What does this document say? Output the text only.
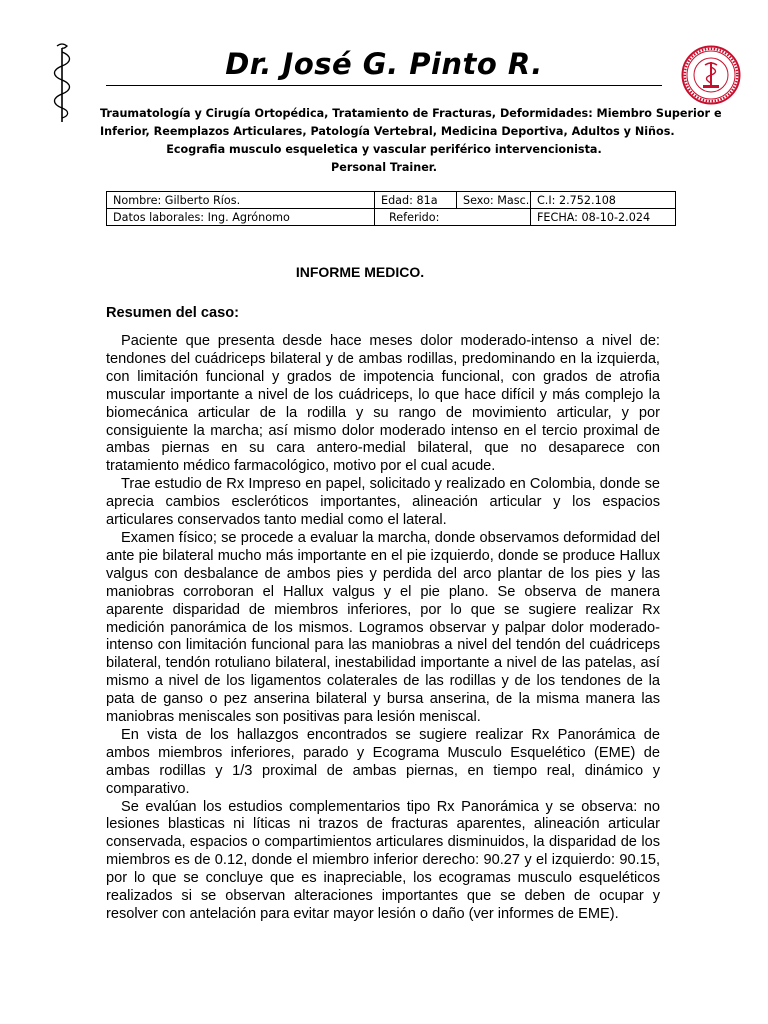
Dr. José G. Pinto R.
Traumatología y Cirugía Ortopédica, Tratamiento de Fracturas, Deformidades: Miembro Superior e
Inferior, Reemplazos Articulares, Patología Vertebral, Medicina Deportiva, Adultos y Niños.
Ecografia musculo esqueletica y vascular periférico intervencionista.
Personal Trainer.
Nombre: Gilberto Ríos.	Edad: 81a	Sexo: Masc.	C.I: 2.752.108
Datos laborales: Ing. Agrónomo	Referido:		FECHA: 08-10-2.024
INFORME MEDICO.
Resumen del caso:

Paciente que presenta desde hace meses dolor moderado-intenso a nivel de: tendones del cuádriceps bilateral y de ambas rodillas, predominando en la izquierda, con limitación funcional y grados de impotencia funcional, con grados de atrofia muscular importante a nivel de los cuádriceps, lo que hace difícil y más complejo la biomecánica articular de la rodilla y su rango de movimiento articular, y por consiguiente la marcha; así mismo dolor moderado intenso en el tercio proximal de ambas piernas en su cara antero-medial bilateral, que no desaparece con tratamiento médico farmacológico, motivo por el cual acude.

Trae estudio de Rx Impreso en papel, solicitado y realizado en Colombia, donde se aprecia cambios escleróticos importantes, alineación articular y los espacios articulares conservados tanto medial como el lateral.

Examen físico; se procede a evaluar la marcha, donde observamos deformidad del ante pie bilateral mucho más importante en el pie izquierdo, donde se produce Hallux valgus con desbalance de ambos pies y perdida del arco plantar de los pies y las maniobras corroboran el Hallux valgus y el pie plano. Se observa de manera aparente disparidad de miembros inferiores, por lo que se sugiere realizar Rx medición panorámica de los mismos. Logramos observar y palpar dolor moderado-intenso con limitación funcional para las maniobras a nivel del tendón del cuádriceps bilateral, tendón rotuliano bilateral, inestabilidad importante a nivel de las patelas, así mismo a nivel de los ligamentos colaterales de las rodillas y de los tendones de la pata de ganso o pez anserina bilateral y bursa anserina, de la misma manera las maniobras meniscales son positivas para lesión meniscal.

En vista de los hallazgos encontrados se sugiere realizar Rx Panorámica de ambos miembros inferiores, parado y Ecograma Musculo Esquelético (EME) de ambas rodillas y 1/3 proximal de ambas piernas, en tiempo real, dinámico y comparativo.

Se evalúan los estudios complementarios tipo Rx Panorámica y se observa: no lesiones blasticas ni líticas ni trazos de fracturas aparentes, alineación articular conservada, espacios o compartimientos articulares disminuidos, la disparidad de los miembros es de 0.12, donde el miembro inferior derecho: 90.27 y el izquierdo: 90.15, por lo que se concluye que es inapreciable, los ecogramas musculo esqueléticos realizados si se observan alteraciones importantes que se deben de ocupar y resolver con antelación para evitar mayor lesión o daño (ver informes de EME).
